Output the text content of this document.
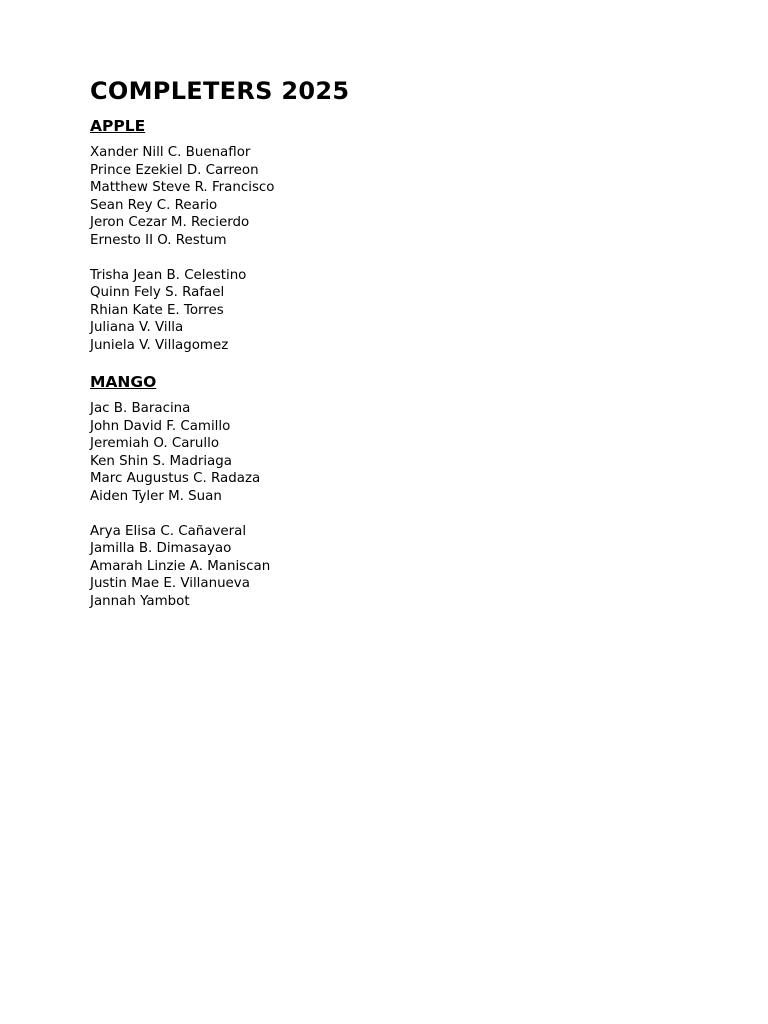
COMPLETERS 2025
APPLE
Xander Nill C. Buenaflor
Prince Ezekiel D. Carreon
Matthew Steve R. Francisco
Sean Rey C. Reario
Jeron Cezar M. Recierdo
Ernesto II O. Restum
Trisha Jean B. Celestino
Quinn Fely S. Rafael
Rhian Kate E. Torres
Juliana V. Villa
Juniela V. Villagomez
MANGO
Jac B. Baracina
John David F. Camillo
Jeremiah O. Carullo
Ken Shin S. Madriaga
Marc Augustus C. Radaza
Aiden Tyler M. Suan
Arya Elisa C. Cañaveral
Jamilla B. Dimasayao
Amarah Linzie A. Maniscan
Justin Mae E. Villanueva
Jannah Yambot
